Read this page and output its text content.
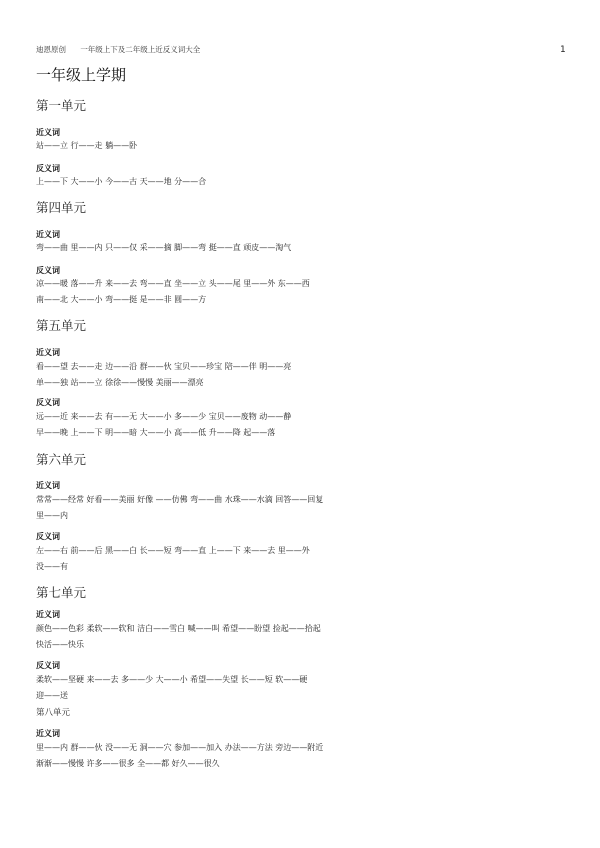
迪恩原创 一年级上下及二年级上近反义词大全	1
一年级上学期
第一单元
近义词
站——立 行——走 躺——卧
反义词
上——下 大——小 今——古 天——地 分——合
第四单元
近义词
弯——曲 里——内 只——仅 采——摘 脚——弯 挺——直 顽皮——淘气
反义词
凉——暖 落——升 来——去 弯——直 坐——立 头——尾 里——外 东——西
南——北 大——小 弯——挺 是——非 圆——方
第五单元
近义词
看——望 去——走 边——沿 群——伙 宝贝——珍宝 陪——伴 明——亮
单——独 站——立 徐徐——慢慢 美丽——漂亮
反义词
远——近 来——去 有——无 大——小 多——少 宝贝——废物 动——静
早——晚 上——下 明——暗 大——小 高——低 升——降 起——落
第六单元
近义词
常常——经常 好看——美丽 好像 ——仿佛 弯——曲 水珠——水滴 回答——回复
里——内
反义词
左——右 前——后 黑——白 长——短 弯——直 上——下 来——去 里——外
没——有
第七单元
近义词
颜色——色彩 柔软——软和 洁白——雪白 喊——叫 希望——盼望 捡起——拾起
快活——快乐
反义词
柔软——坚硬 来——去 多——少 大——小 希望——失望 长——短 软——硬
迎——送
第八单元
近义词
里——内 群——伙 没——无 洞——穴 参加——加入 办法——方法 旁边——附近
渐渐——慢慢 许多——很多 全——都 好久——很久
